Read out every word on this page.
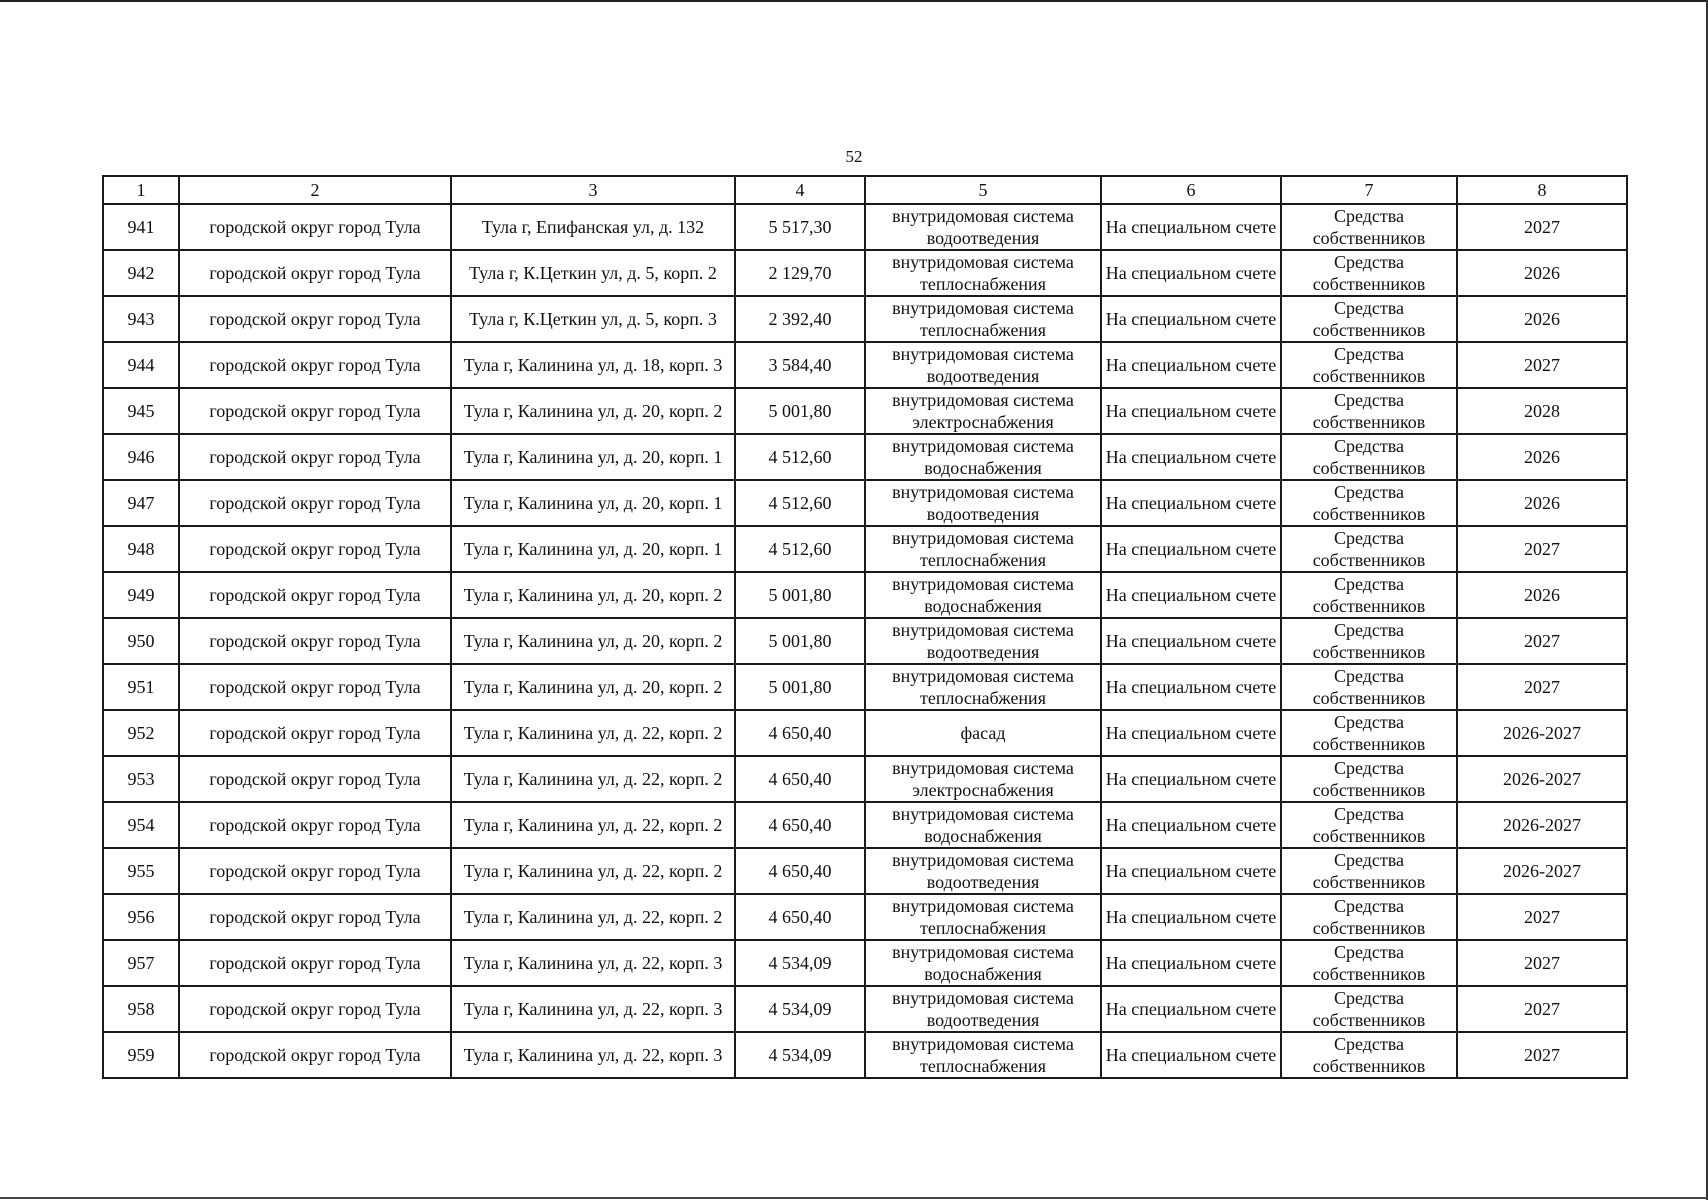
52
1	2	3	4	5	6	7	8
941	городской округ город Тула	Тула г, Епифанская ул, д. 132	5 517,30	внутридомовая система водоотведения	На специальном счете	Средства собственников	2027
942	городской округ город Тула	Тула г, К.Цеткин ул, д. 5, корп. 2	2 129,70	внутридомовая система теплоснабжения	На специальном счете	Средства собственников	2026
943	городской округ город Тула	Тула г, К.Цеткин ул, д. 5, корп. 3	2 392,40	внутридомовая система теплоснабжения	На специальном счете	Средства собственников	2026
944	городской округ город Тула	Тула г, Калинина ул, д. 18, корп. 3	3 584,40	внутридомовая система водоотведения	На специальном счете	Средства собственников	2027
945	городской округ город Тула	Тула г, Калинина ул, д. 20, корп. 2	5 001,80	внутридомовая система электроснабжения	На специальном счете	Средства собственников	2028
946	городской округ город Тула	Тула г, Калинина ул, д. 20, корп. 1	4 512,60	внутридомовая система водоснабжения	На специальном счете	Средства собственников	2026
947	городской округ город Тула	Тула г, Калинина ул, д. 20, корп. 1	4 512,60	внутридомовая система водоотведения	На специальном счете	Средства собственников	2026
948	городской округ город Тула	Тула г, Калинина ул, д. 20, корп. 1	4 512,60	внутридомовая система теплоснабжения	На специальном счете	Средства собственников	2027
949	городской округ город Тула	Тула г, Калинина ул, д. 20, корп. 2	5 001,80	внутридомовая система водоснабжения	На специальном счете	Средства собственников	2026
950	городской округ город Тула	Тула г, Калинина ул, д. 20, корп. 2	5 001,80	внутридомовая система водоотведения	На специальном счете	Средства собственников	2027
951	городской округ город Тула	Тула г, Калинина ул, д. 20, корп. 2	5 001,80	внутридомовая система теплоснабжения	На специальном счете	Средства собственников	2027
952	городской округ город Тула	Тула г, Калинина ул, д. 22, корп. 2	4 650,40	фасад	На специальном счете	Средства собственников	2026-2027
953	городской округ город Тула	Тула г, Калинина ул, д. 22, корп. 2	4 650,40	внутридомовая система электроснабжения	На специальном счете	Средства собственников	2026-2027
954	городской округ город Тула	Тула г, Калинина ул, д. 22, корп. 2	4 650,40	внутридомовая система водоснабжения	На специальном счете	Средства собственников	2026-2027
955	городской округ город Тула	Тула г, Калинина ул, д. 22, корп. 2	4 650,40	внутридомовая система водоотведения	На специальном счете	Средства собственников	2026-2027
956	городской округ город Тула	Тула г, Калинина ул, д. 22, корп. 2	4 650,40	внутридомовая система теплоснабжения	На специальном счете	Средства собственников	2027
957	городской округ город Тула	Тула г, Калинина ул, д. 22, корп. 3	4 534,09	внутридомовая система водоснабжения	На специальном счете	Средства собственников	2027
958	городской округ город Тула	Тула г, Калинина ул, д. 22, корп. 3	4 534,09	внутридомовая система водоотведения	На специальном счете	Средства собственников	2027
959	городской округ город Тула	Тула г, Калинина ул, д. 22, корп. 3	4 534,09	внутридомовая система теплоснабжения	На специальном счете	Средства собственников	2027
